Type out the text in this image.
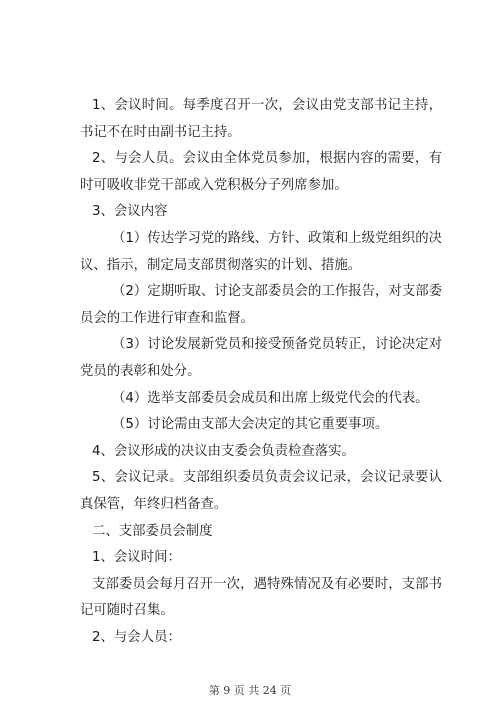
1、会议时间。每季度召开一次，会议由党支部书记主持，书记不在时由副书记主持。

2、与会人员。会议由全体党员参加，根据内容的需要，有时可吸收非党干部或入党积极分子列席参加。

3、会议内容

（1）传达学习党的路线、方针、政策和上级党组织的决议、指示，制定局支部贯彻落实的计划、措施。

（2）定期听取、讨论支部委员会的工作报告，对支部委员会的工作进行审查和监督。

（3）讨论发展新党员和接受预备党员转正，讨论决定对党员的表彰和处分。

（4）选举支部委员会成员和出席上级党代会的代表。

（5）讨论需由支部大会决定的其它重要事项。

4、会议形成的决议由支委会负责检查落实。

5、会议记录。支部组织委员负责会议记录，会议记录要认真保管，年终归档备查。

二、支部委员会制度

1、会议时间：

支部委员会每月召开一次，遇特殊情况及有必要时，支部书记可随时召集。

2、与会人员：

第 9 页 共 24 页
